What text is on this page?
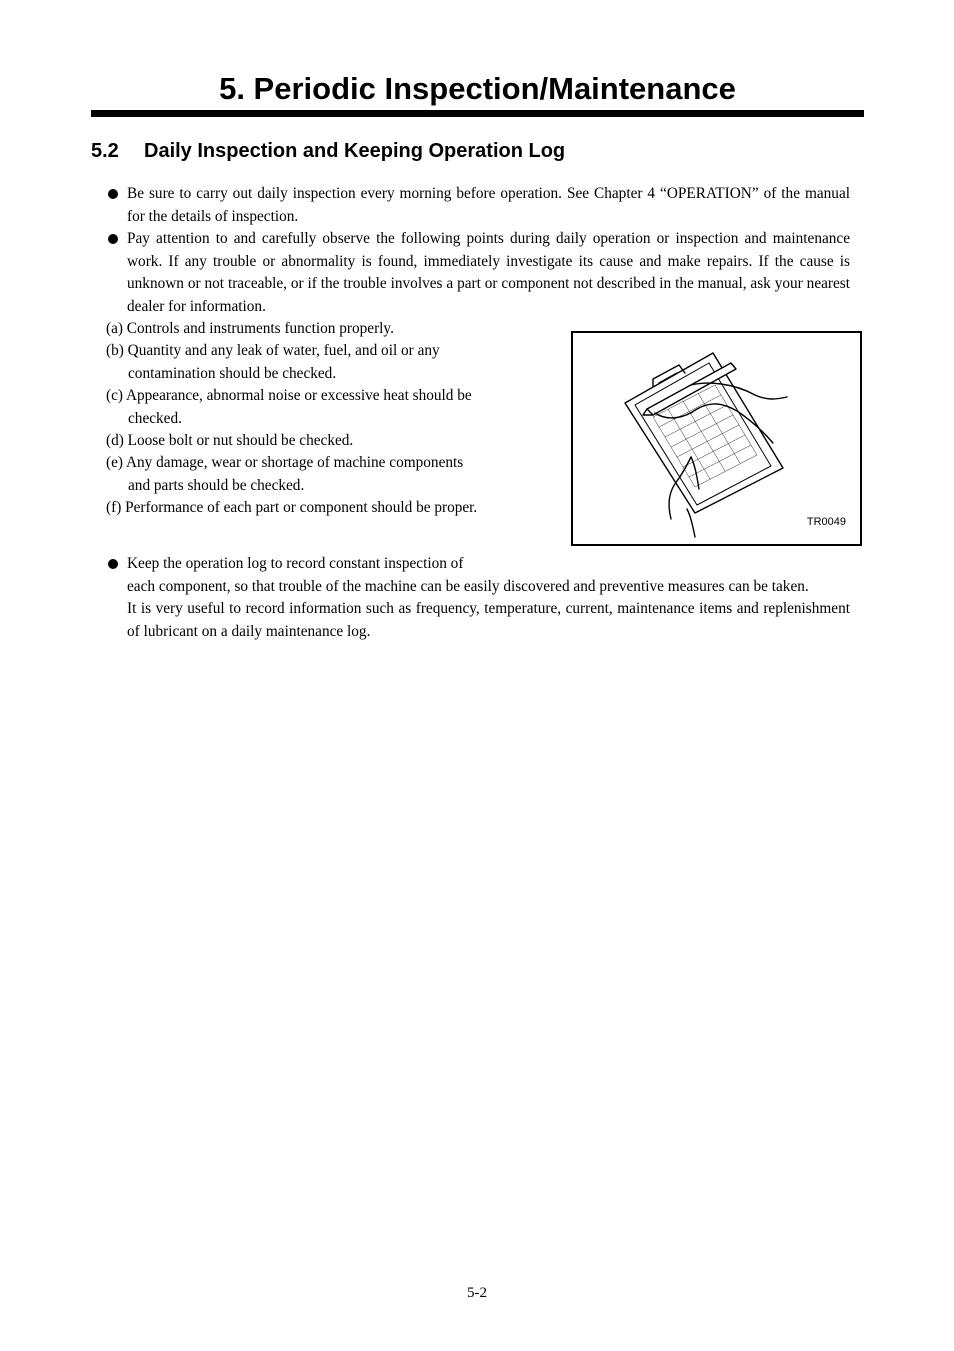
5. Periodic Inspection/Maintenance
5.2 Daily Inspection and Keeping Operation Log
Be sure to carry out daily inspection every morning before operation. See Chapter 4 “OPERATION” of the manual for the details of inspection.
Pay attention to and carefully observe the following points during daily operation or inspection and maintenance work. If any trouble or abnormality is found, immediately investigate its cause and make repairs. If the cause is unknown or not traceable, or if the trouble involves a part or component not described in the manual, ask your nearest dealer for information.
(a) Controls and instruments function properly.
(b) Quantity and any leak of water, fuel, and oil or any contamination should be checked.
(c) Appearance, abnormal noise or excessive heat should be checked.
(d) Loose bolt or nut should be checked.
(e) Any damage, wear or shortage of machine components and parts should be checked.
(f) Performance of each part or component should be proper.
TR0049
Keep the operation log to record constant inspection of
each component, so that trouble of the machine can be easily discovered and preventive measures can be taken.
It is very useful to record information such as frequency, temperature, current, maintenance items and replenishment of lubricant on a daily maintenance log.
5-2
